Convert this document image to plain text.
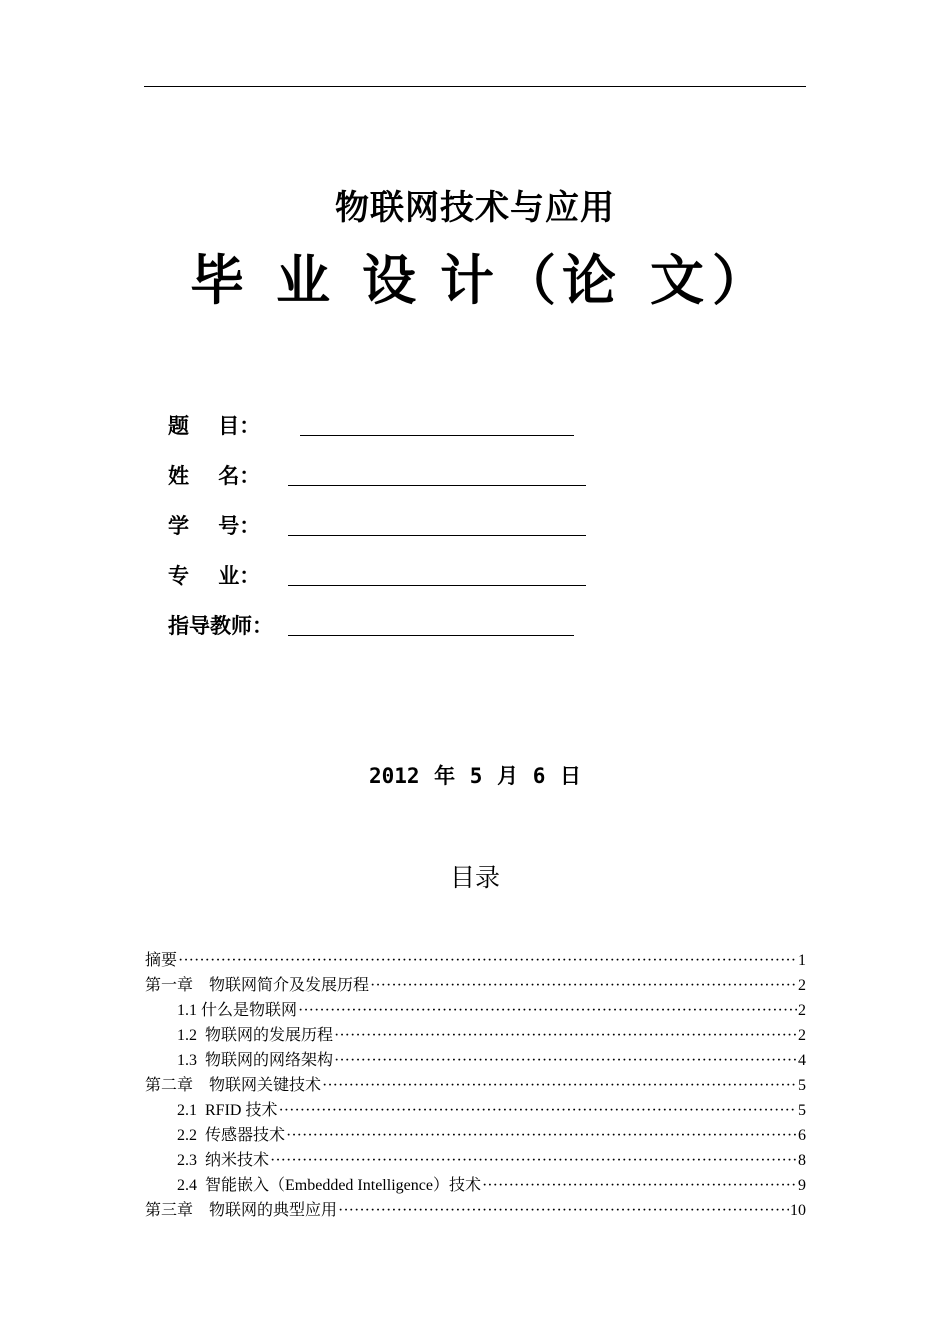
物联网技术与应用
毕 业 设 计 （ 论 文 ）
题    目：
姓    名：
学    号：
专    业：
指导教师：
2012 年 5 月 6 日
目录
摘要 ·····	1
第一章    物联网简介及发展历程 ·····	2
1.1 什么是物联网 ·····	2
1.2  物联网的发展历程 ·····	2
1.3  物联网的网络架构 ·····	4
第二章    物联网关键技术 ·····	5
2.1  RFID 技术 ·····	5
2.2  传感器技术 ·····	6
2.3  纳米技术 ·····	8
2.4  智能嵌入（Embedded Intelligence）技术 ·····	9
第三章    物联网的典型应用 ·····	10
